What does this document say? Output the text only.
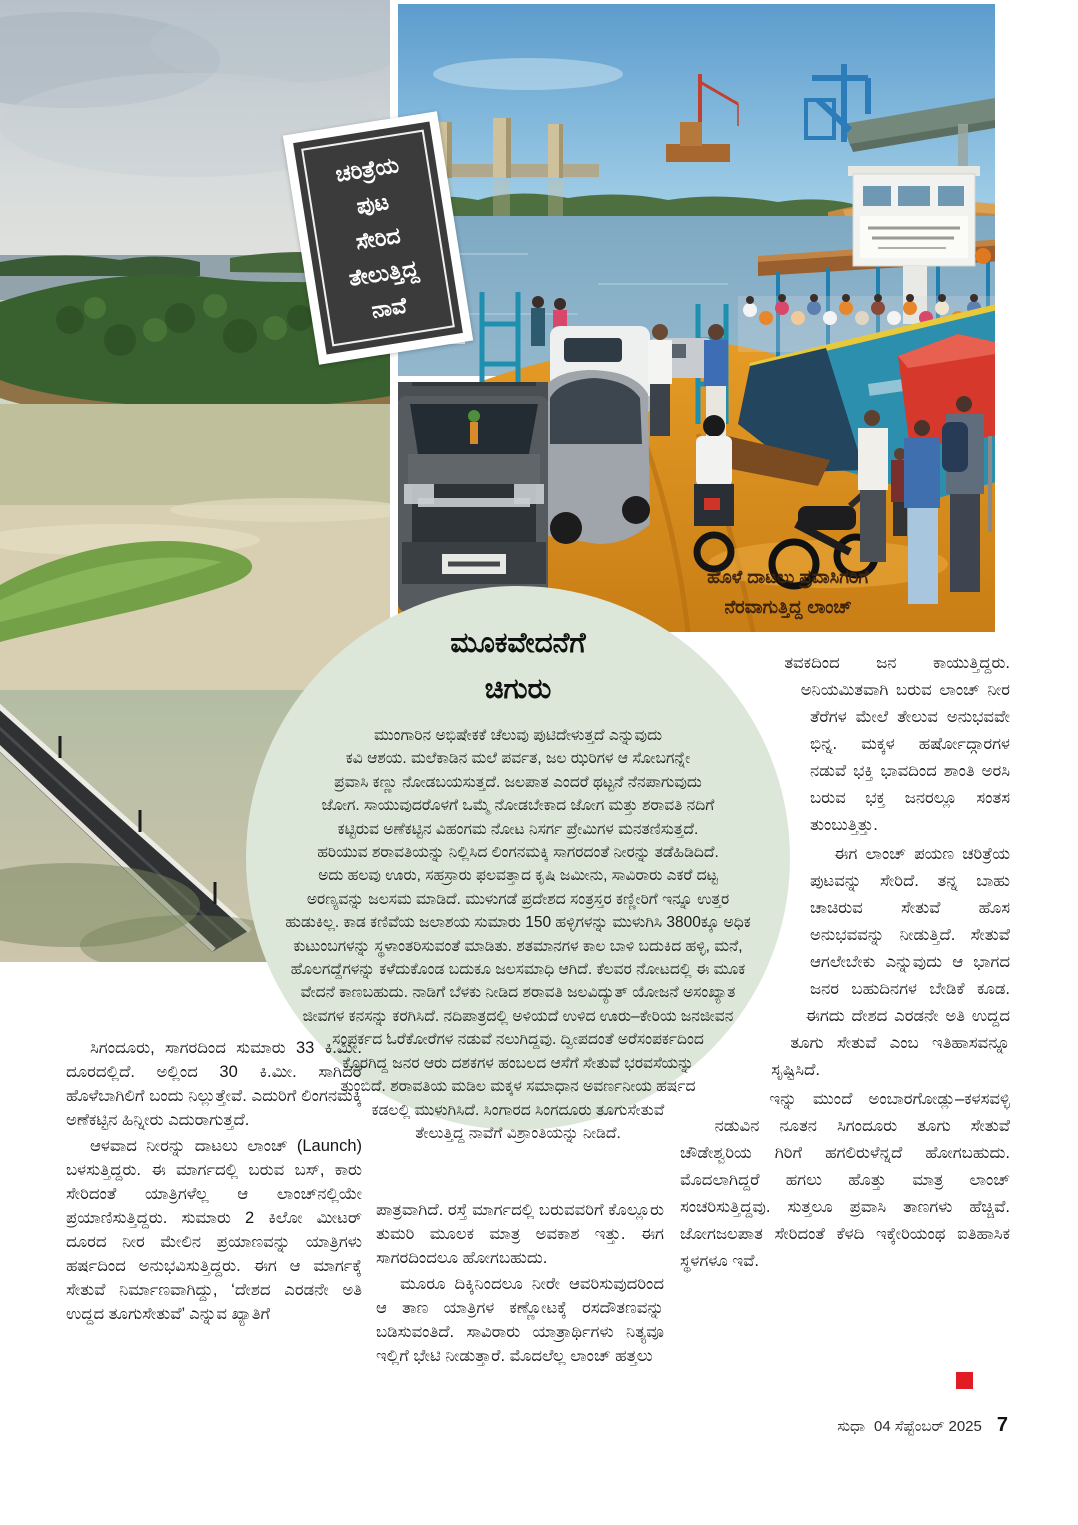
ಹೊಳೆ ದಾಟಲು ಪ್ರವಾಸಿಗರಿಗೆ
ನೆರವಾಗುತ್ತಿದ್ದ ಲಾಂಚ್
ಚರಿತ್ರೆಯ
ಪುಟ
ಸೇರಿದ
ತೇಲುತ್ತಿದ್ದ
ನಾವೆ
ಮೂಕವೇದನೆಗೆ
ಚಿಗುರು
ಮುಂಗಾರಿನ ಅಭಿಷೇಕಕೆ ಚೆಲುವು ಪುಟಿದೇಳುತ್ತದೆ ಎನ್ನುವುದು
ಕವಿ ಆಶಯ. ಮಲೆಕಾಡಿನ ಮಲೆ ಪರ್ವತ, ಜಲ ಝರಿಗಳ ಆ ಸೋಬಗನ್ನೇ
ಪ್ರವಾಸಿ ಕಣ್ಣು ನೋಡಬಯಸುತ್ತದೆ. ಜಲಪಾತ ಎಂದರೆ ಥಟ್ಟನೆ ನೆನಪಾಗುವುದು
ಜೋಗ. ಸಾಯುವುದರೊಳಗೆ ಒಮ್ಮೆ ನೋಡಬೇಕಾದ ಜೋಗ ಮತ್ತು ಶರಾವತಿ ನದಿಗೆ
ಕಟ್ಟಿರುವ ಅಣೆಕಟ್ಟಿನ ವಿಹಂಗಮ ನೋಟ ನಿಸರ್ಗ ಪ್ರೇಮಿಗಳ ಮನತಣಿಸುತ್ತದೆ.
ಹರಿಯುವ ಶರಾವತಿಯನ್ನು ನಿಲ್ಲಿಸಿದ ಲಿಂಗನಮಕ್ಕಿ ಸಾಗರದಂತೆ ನೀರನ್ನು ತಡೆಹಿಡಿದಿದೆ.
ಅದು ಹಲವು ಊರು, ಸಹಸ್ರಾರು ಫಲವತ್ತಾದ ಕೃಷಿ ಜಮೀನು, ಸಾವಿರಾರು ಎಕರೆ ದಟ್ಟ
ಅರಣ್ಯವನ್ನು ಜಲಸಮ ಮಾಡಿದೆ. ಮುಳುಗಡೆ ಪ್ರದೇಶದ ಸಂತ್ರಸ್ತರ ಕಣ್ಣೀರಿಗೆ ಇನ್ನೂ ಉತ್ತರ
ಹುಡುಕಿಲ್ಲ. ಕಾಡ ಕಣಿವೆಯ ಜಲಾಶಯ ಸುಮಾರು 150 ಹಳ್ಳಿಗಳನ್ನು ಮುಳುಗಿಸಿ 3800ಕ್ಕೂ ಅಧಿಕ
ಕುಟುಂಬಗಳನ್ನು ಸ್ಥಳಾಂತರಿಸುವಂತೆ ಮಾಡಿತು. ಶತಮಾನಗಳ ಕಾಲ ಬಾಳಿ ಬದುಕಿದ ಹಳ್ಳಿ, ಮನೆ,
ಹೊಲಗದ್ದೆಗಳನ್ನು ಕಳೆದುಕೊಂಡ ಬದುಕೂ ಜಲಸಮಾಧಿ ಆಗಿದೆ. ಕೆಲವರ ನೋಟದಲ್ಲಿ ಈ ಮೂಕ
ವೇದನೆ ಕಾಣಬಹುದು. ನಾಡಿಗೆ ಬೆಳಕು ನೀಡಿದ ಶರಾವತಿ ಜಲವಿದ್ಯುತ್ ಯೋಜನೆ ಅಸಂಖ್ಯಾತ
ಜೀವಗಳ ಕನಸನ್ನು ಕರಗಿಸಿದೆ. ನದಿಪಾತ್ರದಲ್ಲಿ ಅಳಿಯದೆ ಉಳಿದ ಊರು–ಕೇರಿಯ ಜನಜೀವನ
ಸಂಪರ್ಕದ ಓರೆಕೋರೆಗಳ ನಡುವೆ ನಲುಗಿದ್ದವು. ದ್ವೀಪದಂತೆ ಅರೆಸಂಪರ್ಕದಿಂದ
ಕೊರಗಿದ್ದ ಜನರ ಆರು ದಶಕಗಳ ಹಂಬಲದ ಆಸೆಗೆ ಸೇತುವೆ ಭರವಸೆಯನ್ನು
ತುಂಬಿದೆ. ಶರಾವತಿಯ ಮಡಿಲ ಮಕ್ಕಳ ಸಮಾಧಾನ ಅವರ್ಣನೀಯ ಹರ್ಷದ
ಕಡಲಲ್ಲಿ ಮುಳುಗಿಸಿದೆ. ಸಿಂಗಾರದ ಸಿಂಗದೂರು ತೂಗುಸೇತುವೆ
ತೇಲುತ್ತಿದ್ದ ನಾವೆಗೆ ವಿಶ್ರಾಂತಿಯನ್ನು ನೀಡಿದೆ.

ಸಿಗಂದೂರು, ಸಾಗರದಿಂದ ಸುಮಾರು 33 ಕಿ.ಮೀ. ದೂರದಲ್ಲಿದೆ. ಅಲ್ಲಿಂದ 30 ಕಿ.ಮೀ. ಸಾಗಿದರೆ ಹೊಳೆಬಾಗಿಲಿಗೆ ಬಂದು ನಿಲ್ಲುತ್ತೇವೆ. ಎದುರಿಗೆ ಲಿಂಗನಮಕ್ಕಿ ಅಣೆಕಟ್ಟಿನ ಹಿನ್ನೀರು ಎದುರಾಗುತ್ತದೆ.

ಆಳವಾದ ನೀರನ್ನು ದಾಟಲು ಲಾಂಚ್ (Launch) ಬಳಸುತ್ತಿದ್ದರು. ಈ ಮಾರ್ಗದಲ್ಲಿ ಬರುವ ಬಸ್, ಕಾರು ಸೇರಿದಂತೆ ಯಾತ್ರಿಗಳೆಲ್ಲ ಆ ಲಾಂಚ್‌ನಲ್ಲಿಯೇ ಪ್ರಯಾಣಿಸುತ್ತಿದ್ದರು. ಸುಮಾರು 2 ಕಿಲೋ ಮೀಟರ್ ದೂರದ ನೀರ ಮೇಲಿನ ಪ್ರಯಾಣವನ್ನು ಯಾತ್ರಿಗಳು ಹರ್ಷದಿಂದ ಅನುಭವಿಸುತ್ತಿದ್ದರು. ಈಗ ಆ ಮಾರ್ಗಕ್ಕೆ ಸೇತುವೆ ನಿರ್ಮಾಣವಾಗಿದ್ದು, ‘ದೇಶದ ಎರಡನೇ ಅತಿ ಉದ್ದದ ತೂಗುಸೇತುವೆ’ ಎನ್ನುವ ಖ್ಯಾತಿಗೆ

ಪಾತ್ರವಾಗಿದೆ. ರಸ್ತೆ ಮಾರ್ಗದಲ್ಲಿ ಬರುವವರಿಗೆ ಕೊಲ್ಲೂರು ತುಮರಿ ಮೂಲಕ ಮಾತ್ರ ಅವಕಾಶ ಇತ್ತು. ಈಗ ಸಾಗರದಿಂದಲೂ ಹೋಗಬಹುದು.

ಮೂರೂ ದಿಕ್ಕಿನಿಂದಲೂ ನೀರೇ ಆವರಿಸುವುದರಿಂದ ಆ ತಾಣ ಯಾತ್ರಿಗಳ ಕಣ್ಣೋಟಕ್ಕೆ ರಸದೌತಣವನ್ನು ಬಡಿಸುವಂತಿದೆ. ಸಾವಿರಾರು ಯಾತ್ರಾರ್ಥಿಗಳು ನಿತ್ಯವೂ ಇಲ್ಲಿಗೆ ಭೇಟಿ ನೀಡುತ್ತಾರೆ. ಮೊದಲೆಲ್ಲ ಲಾಂಚ್ ಹತ್ತಲು

ತವಕದಿಂದ ಜನ ಕಾಯುತ್ತಿದ್ದರು. ಅನಿಯಮಿತವಾಗಿ ಬರುವ ಲಾಂಚ್ ನೀರ ತೆರೆಗಳ ಮೇಲೆ ತೇಲುವ ಅನುಭವವೇ ಭಿನ್ನ. ಮಕ್ಕಳ ಹರ್ಷೋದ್ಗಾರಗಳ ನಡುವೆ ಭಕ್ತಿ ಭಾವದಿಂದ ಶಾಂತಿ ಅರಸಿ ಬರುವ ಭಕ್ತ ಜನರಲ್ಲೂ ಸಂತಸ ತುಂಬುತ್ತಿತ್ತು.

ಈಗ ಲಾಂಚ್ ಪಯಣ ಚರಿತ್ರೆಯ ಪುಟವನ್ನು ಸೇರಿದೆ. ತನ್ನ ಬಾಹು ಚಾಚಿರುವ ಸೇತುವೆ ಹೊಸ ಅನುಭವವನ್ನು ನೀಡುತ್ತಿದೆ. ಸೇತುವೆ ಆಗಲೇಬೇಕು ಎನ್ನುವುದು ಆ ಭಾಗದ ಜನರ ಬಹುದಿನಗಳ ಬೇಡಿಕೆ ಕೂಡ. ಈಗದು ದೇಶದ ಎರಡನೇ ಅತಿ ಉದ್ದದ ತೂಗು ಸೇತುವೆ ಎಂಬ ಇತಿಹಾಸವನ್ನೂ ಸೃಷ್ಟಿಸಿದೆ.

ಇನ್ನು ಮುಂದೆ ಅಂಬಾರಗೋಡ್ಲು–ಕಳಸವಳ್ಳಿ ನಡುವಿನ ನೂತನ ಸಿಗಂದೂರು ತೂಗು ಸೇತುವೆ ಚೌಡೇಶ್ವರಿಯ ಗಿರಿಗೆ ಹಗಲಿರುಳೆನ್ನದೆ ಹೋಗಬಹುದು. ಮೊದಲಾಗಿದ್ದರೆ ಹಗಲು ಹೊತ್ತು ಮಾತ್ರ ಲಾಂಚ್ ಸಂಚರಿಸುತ್ತಿದ್ದವು. ಸುತ್ತಲೂ ಪ್ರವಾಸಿ ತಾಣಗಳು ಹೆಚ್ಚಿವೆ. ಜೋಗಜಲಪಾತ ಸೇರಿದಂತೆ ಕೆಳದಿ ಇಕ್ಕೇರಿಯಂಥ ಐತಿಹಾಸಿಕ ಸ್ಥಳಗಳೂ ಇವೆ.

ಸುಧಾ 04 ಸೆಪ್ಟೆಂಬರ್ 2025 7
